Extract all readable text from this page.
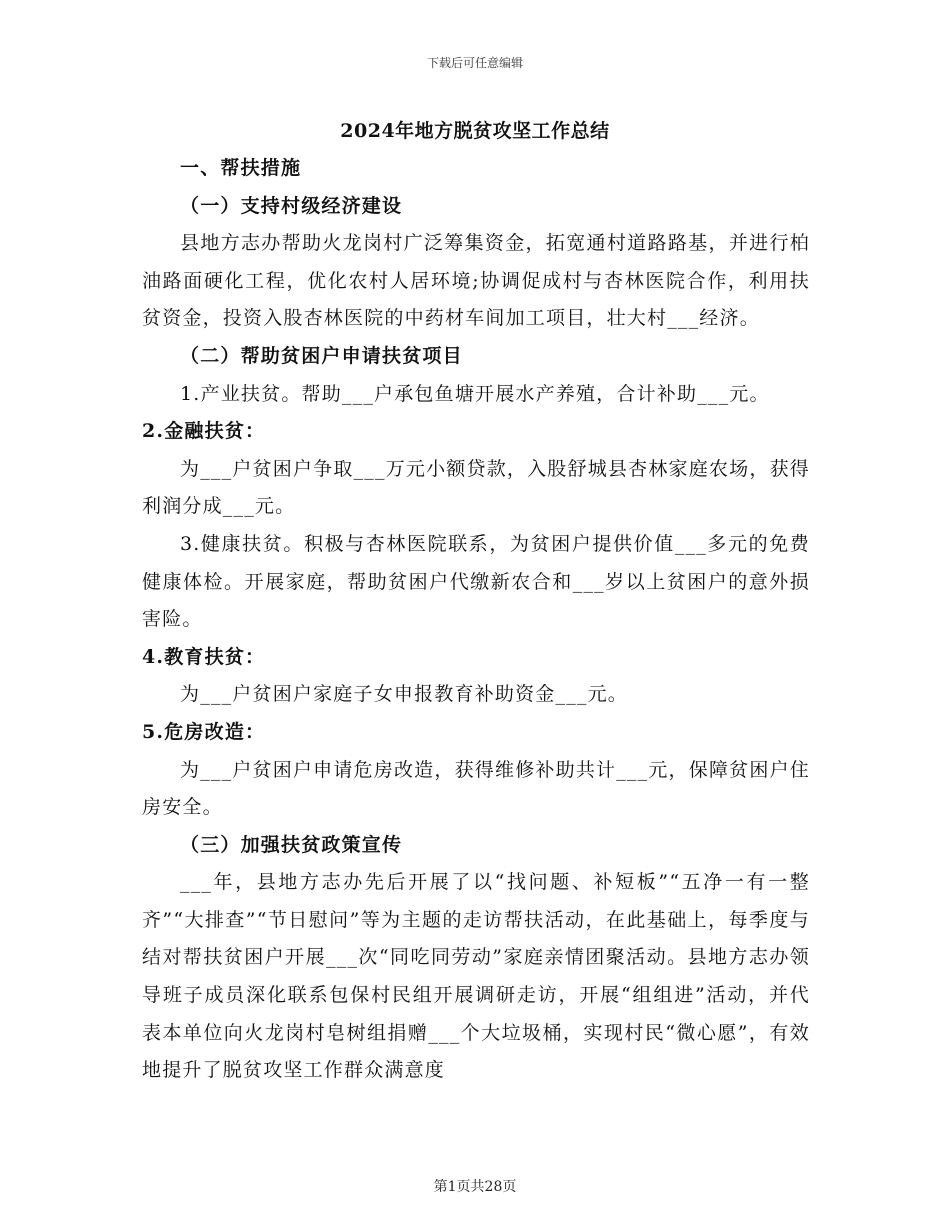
下载后可任意编辑
2024年地方脱贫攻坚工作总结

一、帮扶措施

（一）支持村级经济建设

县地方志办帮助火龙岗村广泛筹集资金，拓宽通村道路路基，并进行柏油路面硬化工程，优化农村人居环境;协调促成村与杏林医院合作，利用扶贫资金，投资入股杏林医院的中药材车间加工项目，壮大村___经济。

（二）帮助贫困户申请扶贫项目

1.产业扶贫。帮助___户承包鱼塘开展水产养殖，合计补助___元。

2.金融扶贫：

为___户贫困户争取___万元小额贷款，入股舒城县杏林家庭农场，获得利润分成___元。

3.健康扶贫。积极与杏林医院联系，为贫困户提供价值___多元的免费健康体检。开展家庭，帮助贫困户代缴新农合和___岁以上贫困户的意外损害险。

4.教育扶贫：

为___户贫困户家庭子女申报教育补助资金___元。

5.危房改造：

为___户贫困户申请危房改造，获得维修补助共计___元，保障贫困户住房安全。

（三）加强扶贫政策宣传

___年，县地方志办先后开展了以“找问题、补短板”“五净一有一整齐”“大排查”“节日慰问”等为主题的走访帮扶活动，在此基础上，每季度与结对帮扶贫困户开展___次“同吃同劳动”家庭亲情团聚活动。县地方志办领导班子成员深化联系包保村民组开展调研走访，开展“组组进”活动，并代表本单位向火龙岗村皂树组捐赠___个大垃圾桶，实现村民“微心愿”，有效地提升了脱贫攻坚工作群众满意度

第1页共28页
